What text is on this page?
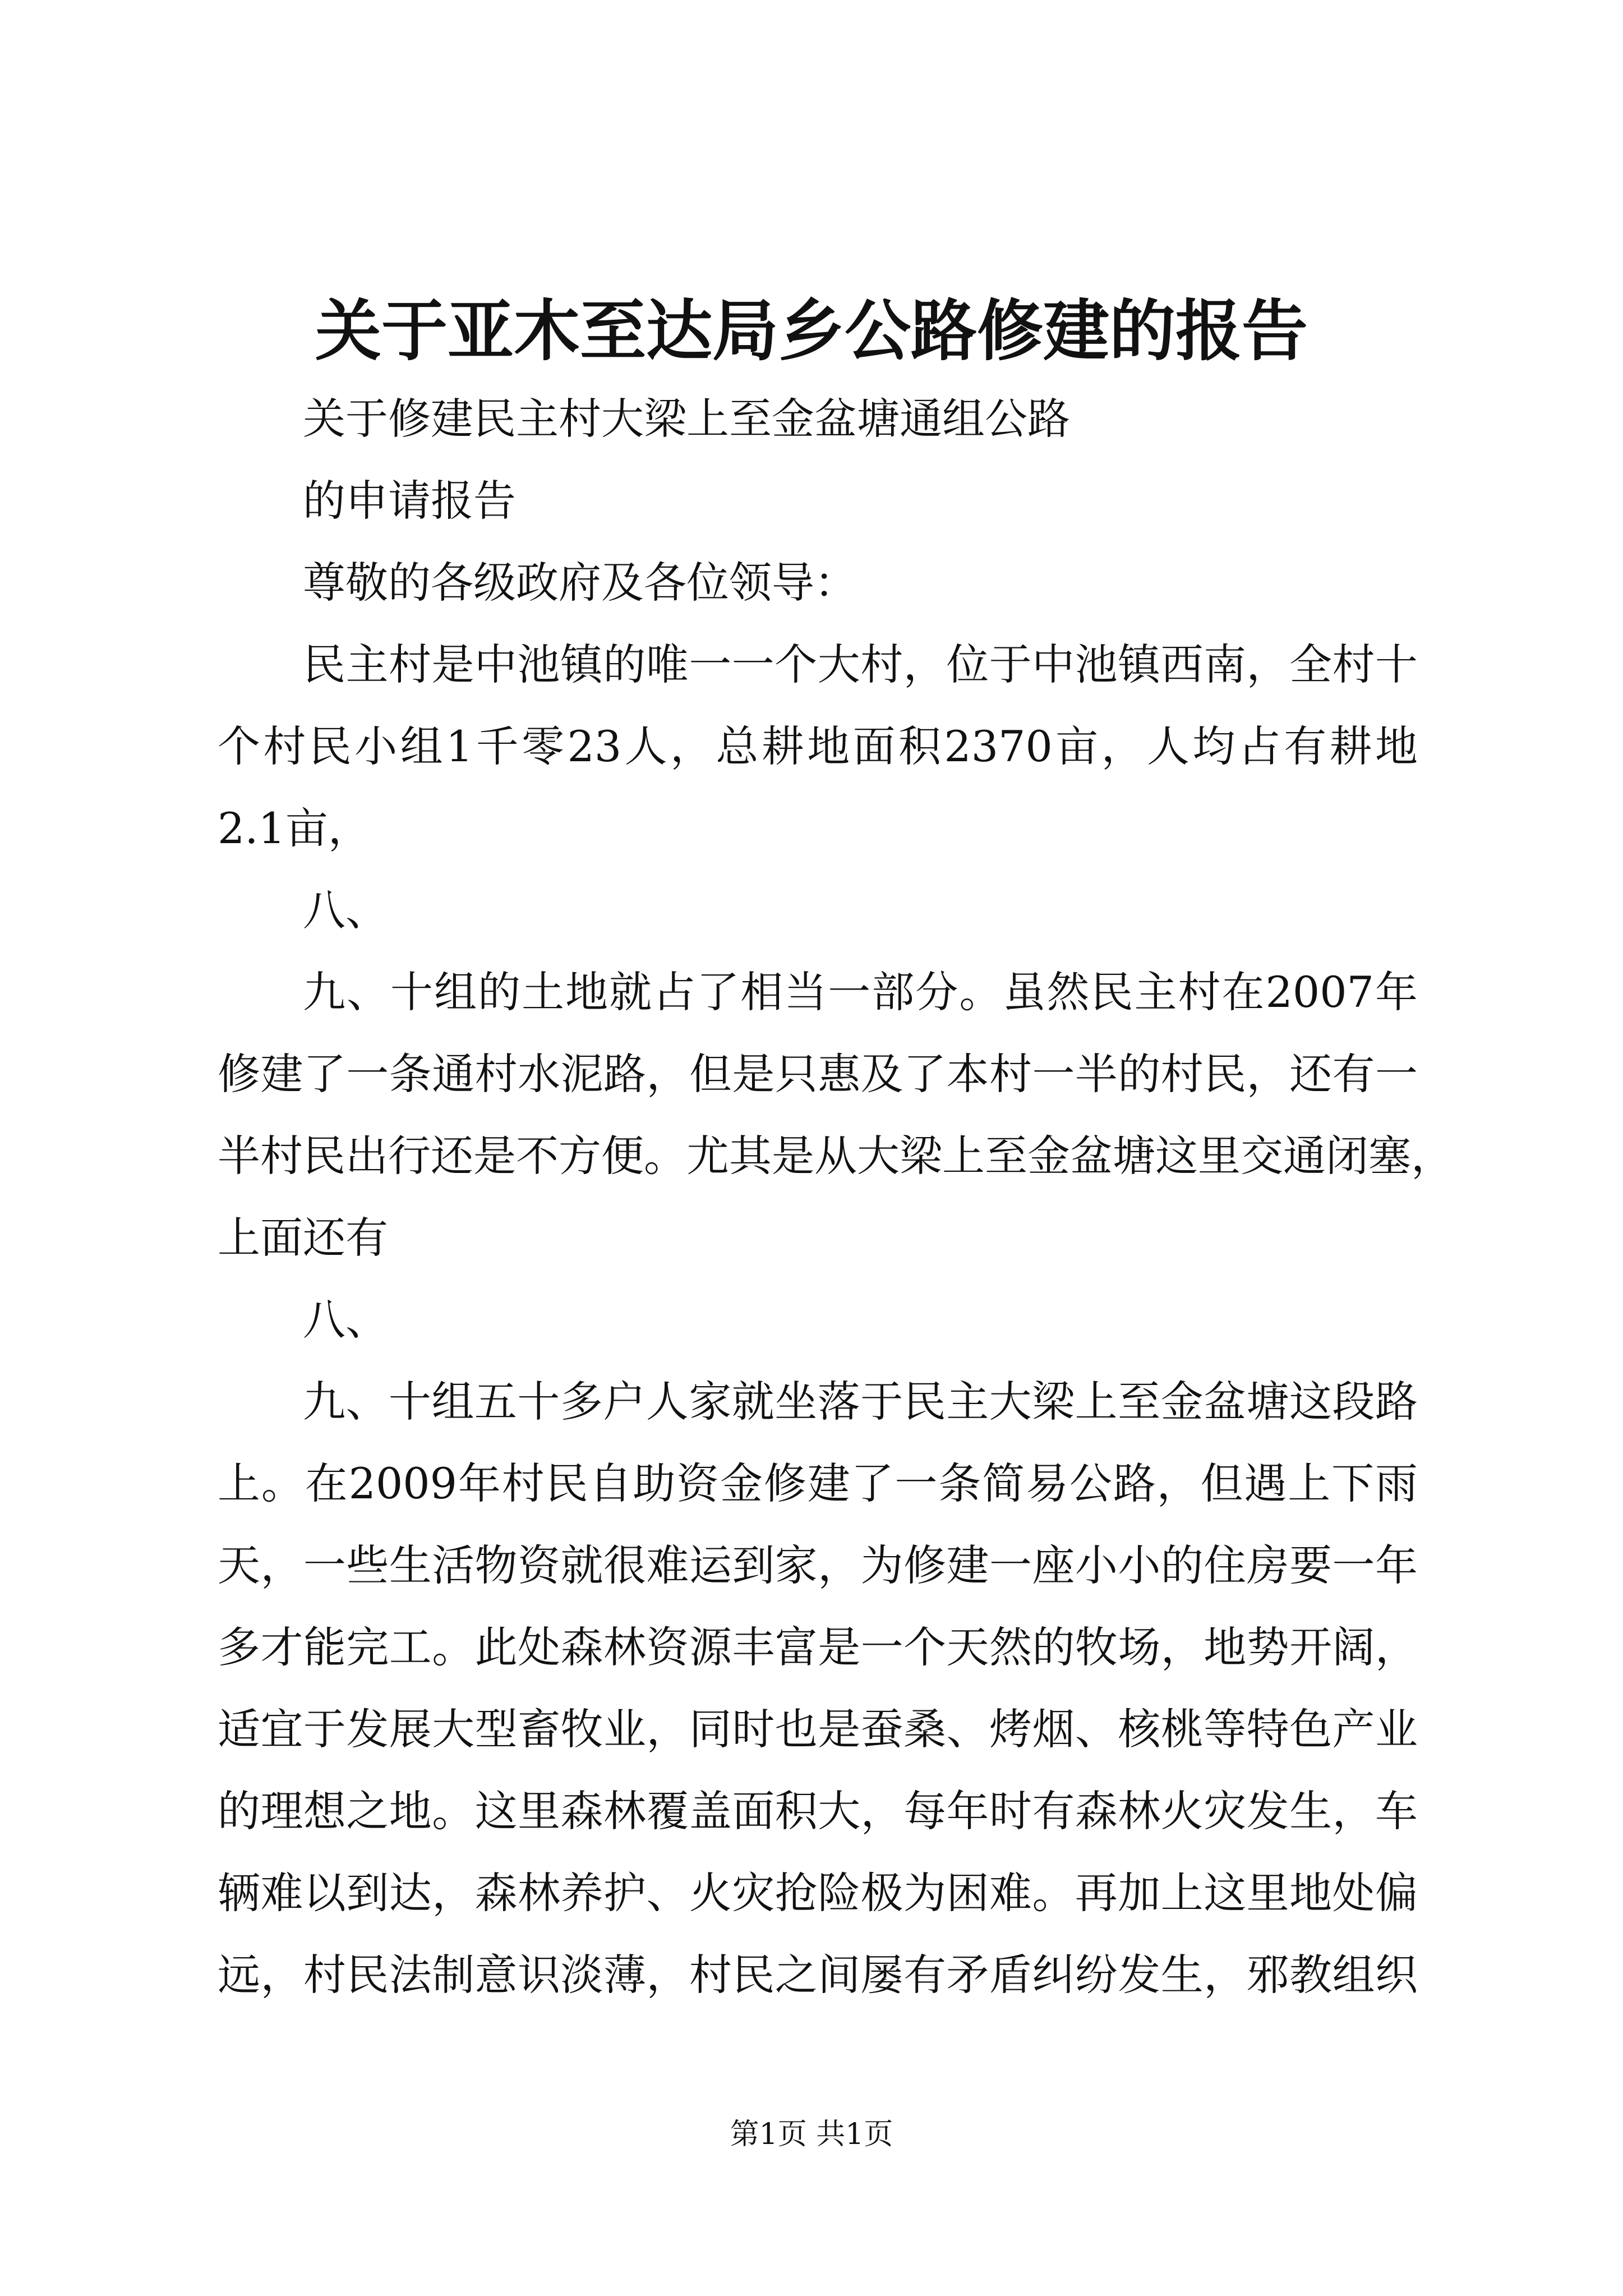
关于亚木至达局乡公路修建的报告
关于修建民主村大梁上至金盆塘通组公路
的申请报告
尊敬的各级政府及各位领导：
民主村是中池镇的唯一一个大村，位于中池镇西南，全村十
个村民小组1千零23人，总耕地面积2370亩，人均占有耕地
2.1亩，
八、
九、十组的土地就占了相当一部分。虽然民主村在2007年
修建了一条通村水泥路，但是只惠及了本村一半的村民，还有一
半村民出行还是不方便。尤其是从大梁上至金盆塘这里交通闭塞，
上面还有
八、
九、十组五十多户人家就坐落于民主大梁上至金盆塘这段路
上。在2009年村民自助资金修建了一条简易公路，但遇上下雨
天，一些生活物资就很难运到家，为修建一座小小的住房要一年
多才能完工。此处森林资源丰富是一个天然的牧场，地势开阔，
适宜于发展大型畜牧业，同时也是蚕桑、烤烟、核桃等特色产业
的理想之地。这里森林覆盖面积大，每年时有森林火灾发生，车
辆难以到达，森林养护、火灾抢险极为困难。再加上这里地处偏
远，村民法制意识淡薄，村民之间屡有矛盾纠纷发生，邪教组织
第1页 共1页
